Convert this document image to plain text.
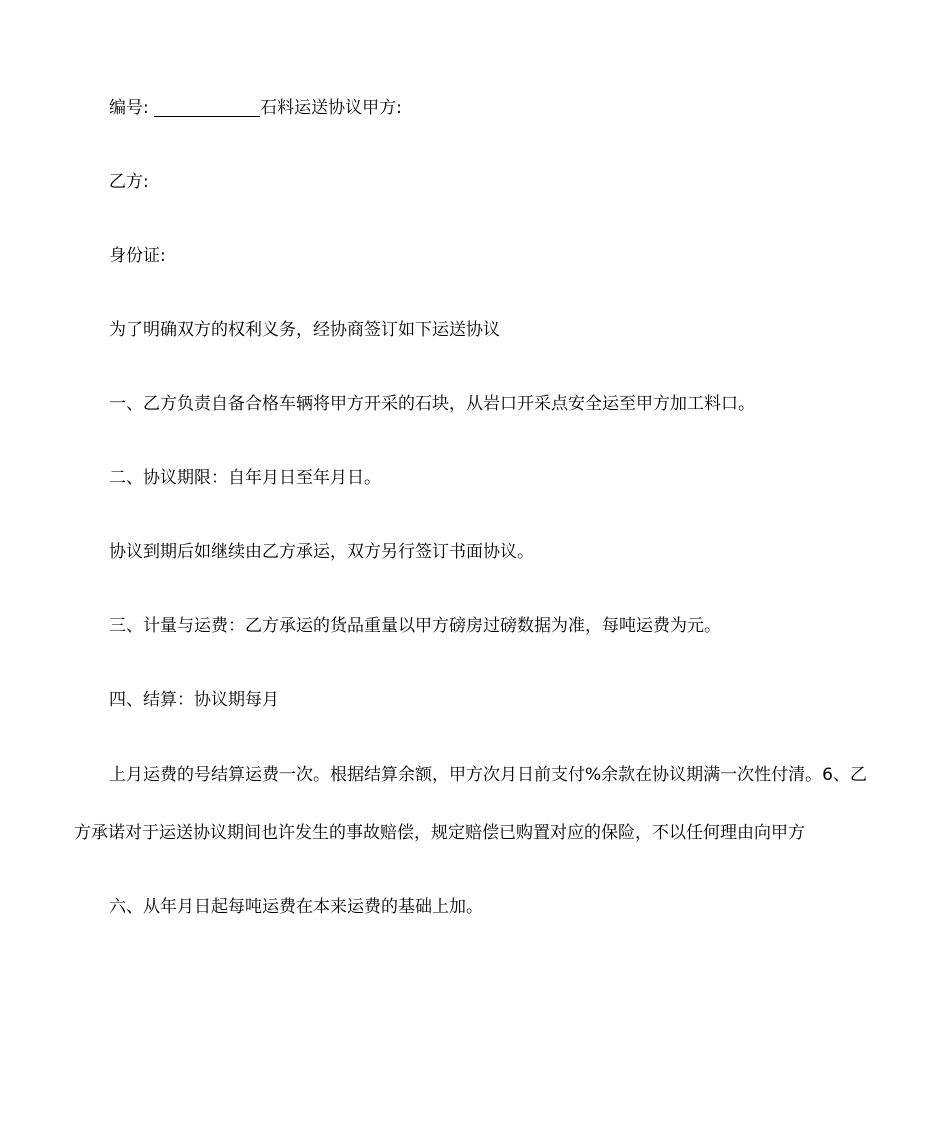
编号:	石料运送协议甲方:

乙方:

身份证:

为了明确双方的权利义务，经协商签订如下运送协议

一、乙方负责自备合格车辆将甲方开采的石块，从岩口开采点安全运至甲方加工料口。

二、协议期限：自年月日至年月日。

协议到期后如继续由乙方承运，双方另行签订书面协议。

三、计量与运费：乙方承运的货品重量以甲方磅房过磅数据为准，每吨运费为元。

四、结算：协议期每月

上月运费的号结算运费一次。根据结算余额，甲方次月日前支付%余款在协议期满一次性付清。6、乙方承诺对于运送协议期间也许发生的事故赔偿，规定赔偿已购置对应的保险，不以任何理由向甲方

六、从年月日起每吨运费在本来运费的基础上加。
